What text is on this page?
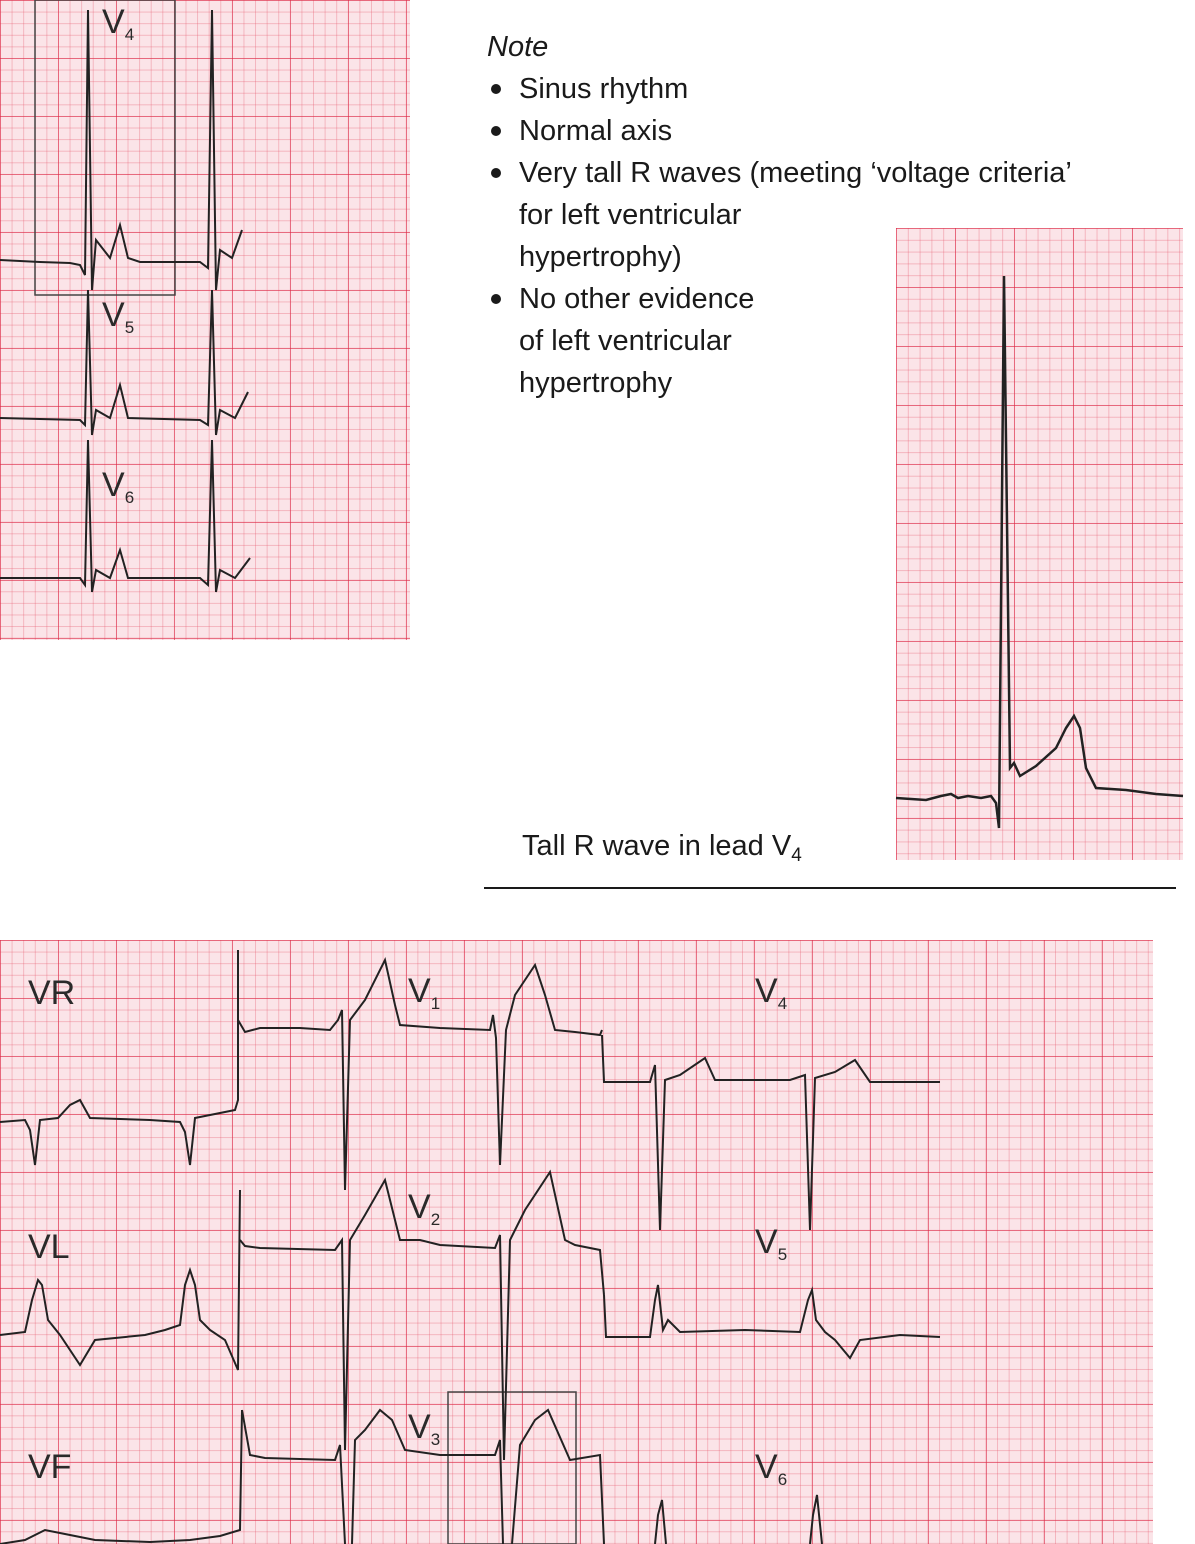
$V_4$
$V_5$
$V_6$
Note
Sinus rhythm
Normal axis
Very tall R waves (meeting ‘voltage criteria’
for left ventricular
hypertrophy)
No other evidence
of left ventricular
hypertrophy
Tall R wave in lead $V_4$
VR
VL
VF
$V_1$
$V_2$
$V_3$
$V_4$
$V_5$
$V_6$
